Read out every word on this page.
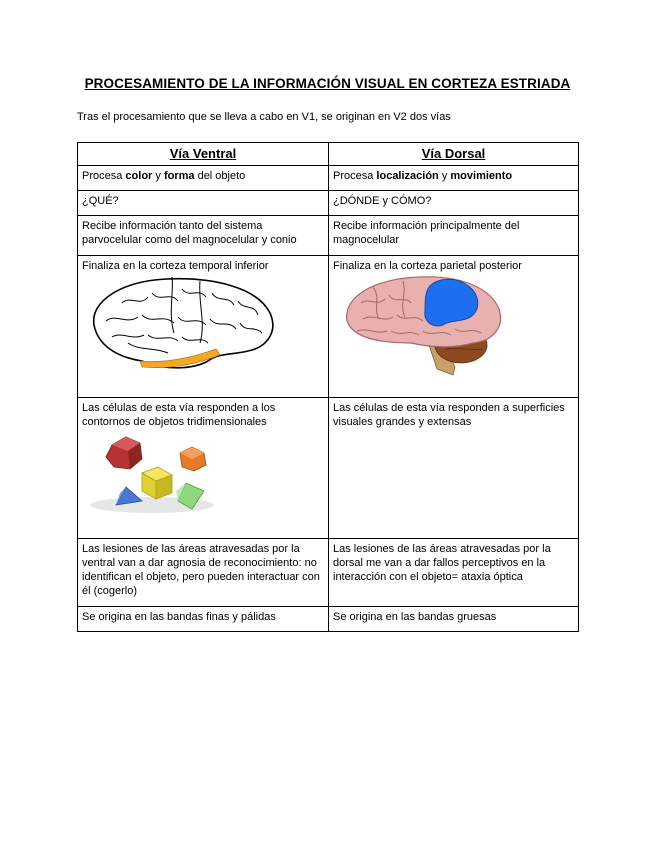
PROCESAMIENTO DE LA INFORMACIÓN VISUAL EN CORTEZA ESTRIADA
Tras el procesamiento que se lleva a cabo en V1, se originan en V2 dos vías
Vía Ventral	Vía Dorsal
Procesa color y forma del objeto	Procesa localización y movimiento
¿QUÉ?	¿DÓNDE y CÓMO?
Recibe información tanto del sistema parvocelular como del magnocelular y conio	Recibe información principalmente del magnocelular

Finaliza en la corteza temporal inferior	Finaliza en la corteza parietal posterior

Las células de esta vía responden a los contornos de objetos tridimensionales	Las células de esta vía responden a superficies visuales grandes y extensas
Las lesiones de las áreas atravesadas por la ventral van a dar agnosia de reconocimiento: no identifican el objeto, pero pueden interactuar con él (cogerlo)	Las lesiones de las áreas atravesadas por la dorsal me van a dar fallos perceptivos en la interacción con el objeto= ataxia óptica
Se origina en las bandas finas y pálidas	Se origina en las bandas gruesas
